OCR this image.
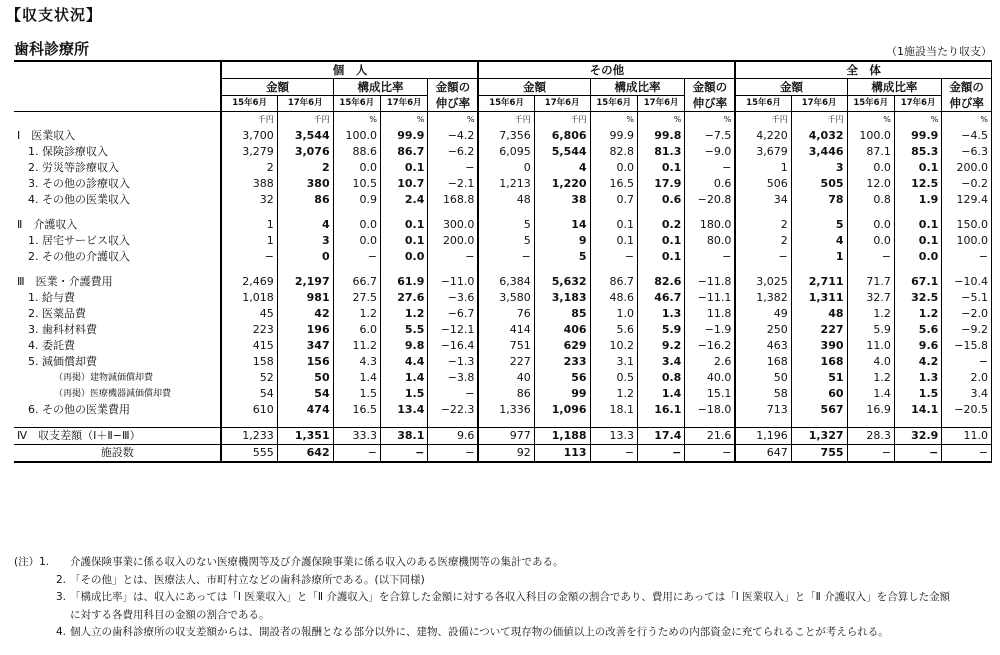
【収支状況】
歯科診療所	（1施設当たり収支）
	個　人					その他					全　体				
	金額		構成比率		金額の	金額		構成比率		金額の	金額		構成比率		金額の
	15年6月	17年6月	15年6月	17年6月	伸び率	15年6月	17年6月	15年6月	17年6月	伸び率	15年6月	17年6月	15年6月	17年6月	伸び率
	千円	千円	%	%	%	千円	千円	%	%	%	千円	千円	%	%	%
Ⅰ　医業収入	3,700	3,544	100.0	99.9	−4.2	7,356	6,806	99.9	99.8	−7.5	4,220	4,032	100.0	99.9	−4.5
1. 保険診療収入	3,279	3,076	88.6	86.7	−6.2	6,095	5,544	82.8	81.3	−9.0	3,679	3,446	87.1	85.3	−6.3
2. 労災等診療収入	2	2	0.0	0.1	−	0	4	0.0	0.1	−	1	3	0.0	0.1	200.0
3. その他の診療収入	388	380	10.5	10.7	−2.1	1,213	1,220	16.5	17.9	0.6	506	505	12.0	12.5	−0.2
4. その他の医業収入	32	86	0.9	2.4	168.8	48	38	0.7	0.6	−20.8	34	78	0.8	1.9	129.4

Ⅱ　介護収入	1	4	0.0	0.1	300.0	5	14	0.1	0.2	180.0	2	5	0.0	0.1	150.0
1. 居宅サービス収入	1	3	0.0	0.1	200.0	5	9	0.1	0.1	80.0	2	4	0.0	0.1	100.0
2. その他の介護収入	−	0	−	0.0	−	−	5	−	0.1	−	−	1	−	0.0	−

Ⅲ　医業・介護費用	2,469	2,197	66.7	61.9	−11.0	6,384	5,632	86.7	82.6	−11.8	3,025	2,711	71.7	67.1	−10.4
1. 給与費	1,018	981	27.5	27.6	−3.6	3,580	3,183	48.6	46.7	−11.1	1,382	1,311	32.7	32.5	−5.1
2. 医薬品費	45	42	1.2	1.2	−6.7	76	85	1.0	1.3	11.8	49	48	1.2	1.2	−2.0
3. 歯科材料費	223	196	6.0	5.5	−12.1	414	406	5.6	5.9	−1.9	250	227	5.9	5.6	−9.2
4. 委託費	415	347	11.2	9.8	−16.4	751	629	10.2	9.2	−16.2	463	390	11.0	9.6	−15.8
5. 減価償却費	158	156	4.3	4.4	−1.3	227	233	3.1	3.4	2.6	168	168	4.0	4.2	−
（再掲）建物減価償却費	52	50	1.4	1.4	−3.8	40	56	0.5	0.8	40.0	50	51	1.2	1.3	2.0
（再掲）医療機器減価償却費	54	54	1.5	1.5	−	86	99	1.2	1.4	15.1	58	60	1.4	1.5	3.4
6. その他の医業費用	610	474	16.5	13.4	−22.3	1,336	1,096	18.1	16.1	−18.0	713	567	16.9	14.1	−20.5

Ⅳ　収支差額（Ⅰ＋Ⅱ−Ⅲ）	1,233	1,351	33.3	38.1	9.6	977	1,188	13.3	17.4	21.6	1,196	1,327	28.3	32.9	11.0
施設数	555	642	−	−	−	92	113	−	−	−	647	755	−	−	−
(注）1.	介護保険事業に係る収入のない医療機関等及び介護保険事業に係る収入のある医療機関等の集計である。
2. 「その他」とは、医療法人、市町村立などの歯科診療所である。(以下同様)
3. 「構成比率」は、収入にあっては「Ⅰ 医業収入」と「Ⅱ 介護収入」を合算した金額に対する各収入科目の金額の割合であり、費用にあっては「Ⅰ 医業収入」と「Ⅱ 介護収入」を合算した金額
に対する各費用科目の金額の割合である。
4. 個人立の歯科診療所の収支差額からは、開設者の報酬となる部分以外に、建物、設備について現存物の価値以上の改善を行うための内部資金に充てられることが考えられる。
